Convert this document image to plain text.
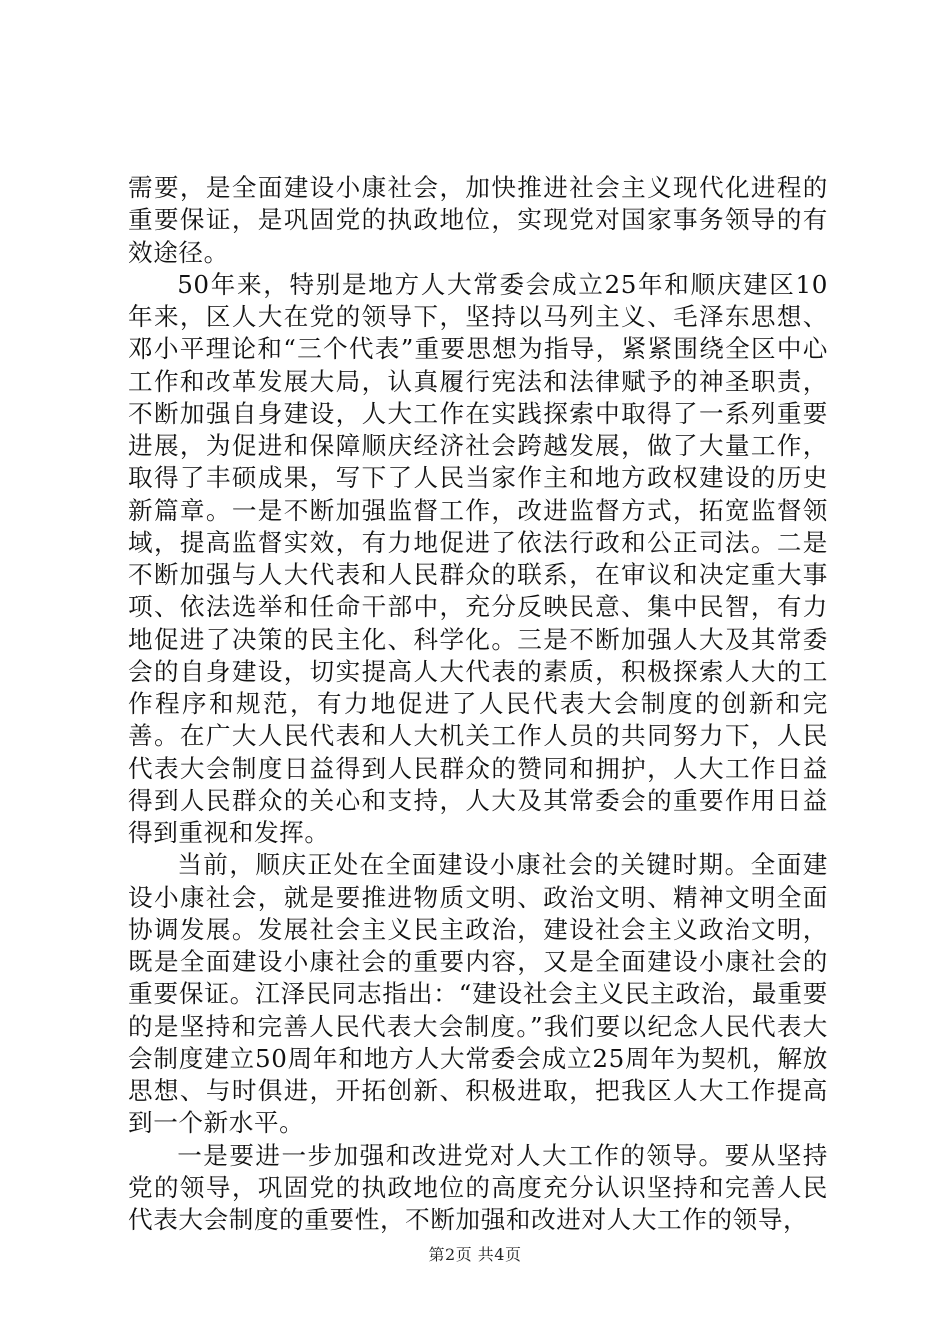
需要，是全面建设小康社会，加快推进社会主义现代化进程的重要保证，是巩固党的执政地位，实现党对国家事务领导的有效途径。

50年来，特别是地方人大常委会成立25年和顺庆建区10年来，区人大在党的领导下，坚持以马列主义、毛泽东思想、邓小平理论和“三个代表”重要思想为指导，紧紧围绕全区中心工作和改革发展大局，认真履行宪法和法律赋予的神圣职责，不断加强自身建设，人大工作在实践探索中取得了一系列重要进展，为促进和保障顺庆经济社会跨越发展，做了大量工作，取得了丰硕成果，写下了人民当家作主和地方政权建设的历史新篇章。一是不断加强监督工作，改进监督方式，拓宽监督领域，提高监督实效，有力地促进了依法行政和公正司法。二是不断加强与人大代表和人民群众的联系，在审议和决定重大事项、依法选举和任命干部中，充分反映民意、集中民智，有力地促进了决策的民主化、科学化。三是不断加强人大及其常委会的自身建设，切实提高人大代表的素质，积极探索人大的工作程序和规范，有力地促进了人民代表大会制度的创新和完善。在广大人民代表和人大机关工作人员的共同努力下，人民代表大会制度日益得到人民群众的赞同和拥护，人大工作日益得到人民群众的关心和支持，人大及其常委会的重要作用日益得到重视和发挥。

当前，顺庆正处在全面建设小康社会的关键时期。全面建设小康社会，就是要推进物质文明、政治文明、精神文明全面协调发展。发展社会主义民主政治，建设社会主义政治文明，既是全面建设小康社会的重要内容，又是全面建设小康社会的重要保证。江泽民同志指出：“建设社会主义民主政治，最重要的是坚持和完善人民代表大会制度。”我们要以纪念人民代表大会制度建立50周年和地方人大常委会成立25周年为契机，解放思想、与时俱进，开拓创新、积极进取，把我区人大工作提高到一个新水平。

一是要进一步加强和改进党对人大工作的领导。要从坚持党的领导，巩固党的执政地位的高度充分认识坚持和完善人民代表大会制度的重要性，不断加强和改进对人大工作的领导，

第2页 共4页
